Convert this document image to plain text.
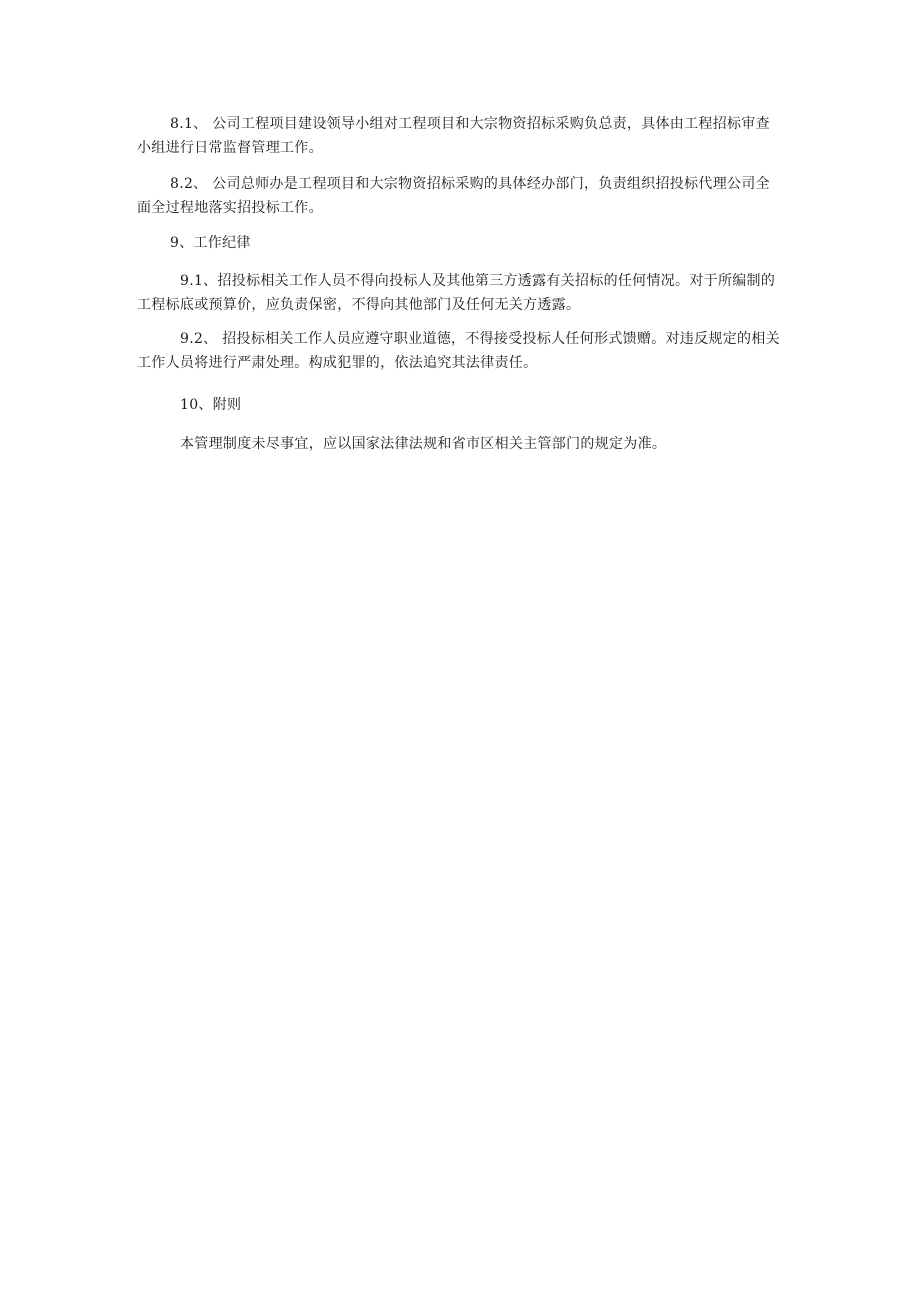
8.1、 公司工程项目建设领导小组对工程项目和大宗物资招标采购负总责，具体由工程招标审查小组进行日常监督管理工作。

8.2、 公司总师办是工程项目和大宗物资招标采购的具体经办部门，负责组织招投标代理公司全面全过程地落实招投标工作。

9、工作纪律

9.1、招投标相关工作人员不得向投标人及其他第三方透露有关招标的任何情况。对于所编制的工程标底或预算价，应负责保密，不得向其他部门及任何无关方透露。

9.2、 招投标相关工作人员应遵守职业道德，不得接受投标人任何形式馈赠。对违反规定的相关工作人员将进行严肃处理。构成犯罪的，依法追究其法律责任。

10、附则

本管理制度未尽事宜，应以国家法律法规和省市区相关主管部门的规定为准。
